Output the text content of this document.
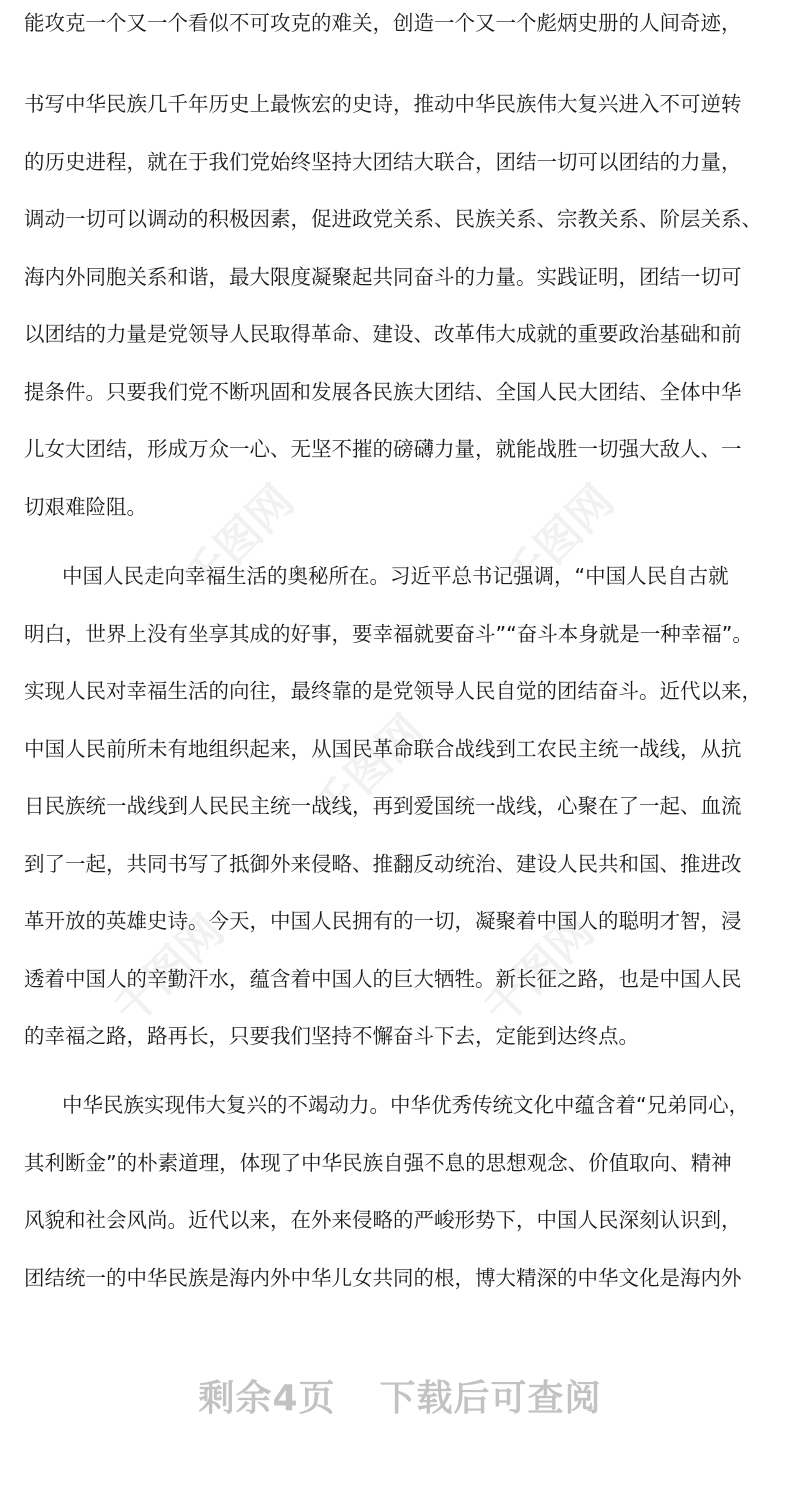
千图网	千图网
千图网
千图网	千图网
能攻克一个又一个看似不可攻克的难关，创造一个又一个彪炳史册的人间奇迹，
书写中华民族几千年历史上最恢宏的史诗，推动中华民族伟大复兴进入不可逆转
的历史进程，就在于我们党始终坚持大团结大联合，团结一切可以团结的力量，
调动一切可以调动的积极因素，促进政党关系、民族关系、宗教关系、阶层关系、
海内外同胞关系和谐，最大限度凝聚起共同奋斗的力量。实践证明，团结一切可
以团结的力量是党领导人民取得革命、建设、改革伟大成就的重要政治基础和前
提条件。只要我们党不断巩固和发展各民族大团结、全国人民大团结、全体中华
儿女大团结，形成万众一心、无坚不摧的磅礴力量，就能战胜一切强大敌人、一
切艰难险阻。
中国人民走向幸福生活的奥秘所在。习近平总书记强调，“中国人民自古就
明白，世界上没有坐享其成的好事，要幸福就要奋斗”“奋斗本身就是一种幸福”。
实现人民对幸福生活的向往，最终靠的是党领导人民自觉的团结奋斗。近代以来，
中国人民前所未有地组织起来，从国民革命联合战线到工农民主统一战线，从抗
日民族统一战线到人民民主统一战线，再到爱国统一战线，心聚在了一起、血流
到了一起，共同书写了抵御外来侵略、推翻反动统治、建设人民共和国、推进改
革开放的英雄史诗。今天，中国人民拥有的一切，凝聚着中国人的聪明才智，浸
透着中国人的辛勤汗水，蕴含着中国人的巨大牺牲。新长征之路，也是中国人民
的幸福之路，路再长，只要我们坚持不懈奋斗下去，定能到达终点。
中华民族实现伟大复兴的不竭动力。中华优秀传统文化中蕴含着“兄弟同心，
其利断金”的朴素道理，体现了中华民族自强不息的思想观念、价值取向、精神
风貌和社会风尚。近代以来，在外来侵略的严峻形势下，中国人民深刻认识到，
团结统一的中华民族是海内外中华儿女共同的根，博大精深的中华文化是海内外
剩余4页 下载后可查阅
